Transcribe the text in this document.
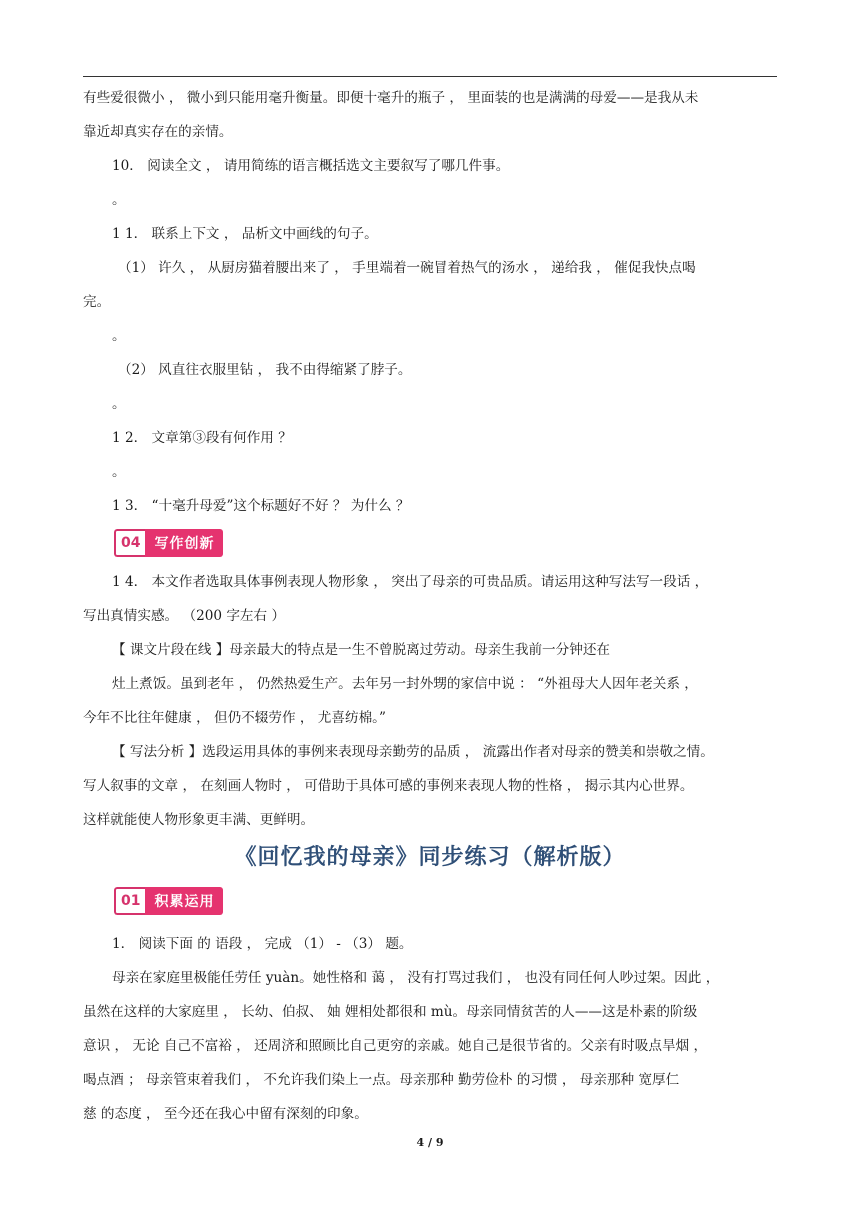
有些爱很微小 ， 微小到只能用毫升衡量。即便十毫升的瓶子 ， 里面装的也是满满的母爱——是我从未
靠近却真实存在的亲情。
10． 阅读全文 ， 请用简练的语言概括选文主要叙写了哪几件事。
。
1 1． 联系上下文 ， 品析文中画线的句子。
（1） 许久 ， 从厨房猫着腰出来了 ， 手里端着一碗冒着热气的汤水 ， 递给我 ， 催促我快点喝
完。
。
（2） 风直往衣服里钻 ， 我不由得缩紧了脖子。
。
1 2． 文章第③段有何作用 ？
。
1 3． “十毫升母爱”这个标题好不好 ？ 为什么 ？
04	写作创新
1 4． 本文作者选取具体事例表现人物形象 ， 突出了母亲的可贵品质。请运用这种写法写一段话 ，
写出真情实感。 （200 字左右 ）
【 课文片段在线 】母亲最大的特点是一生不曾脱离过劳动。母亲生我前一分钟还在
灶上煮饭。虽到老年 ， 仍然热爱生产。去年另一封外甥的家信中说 ： “外祖母大人因年老关系 ，
今年不比往年健康 ， 但仍不辍劳作 ， 尤喜纺棉。”
【 写法分析 】选段运用具体的事例来表现母亲勤劳的品质 ， 流露出作者对母亲的赞美和崇敬之情。
写人叙事的文章 ， 在刻画人物时 ， 可借助于具体可感的事例来表现人物的性格 ， 揭示其内心世界。
这样就能使人物形象更丰满、更鲜明。
《回忆我的母亲》同步练习（解析版）
01	积累运用
1． 阅读下面 的 语段 ， 完成 （1） - （3） 题。
母亲在家庭里极能任劳任 yuàn。她性格和 蔼 ， 没有打骂过我们 ， 也没有同任何人吵过架。因此 ，
虽然在这样的大家庭里 ， 长幼、伯叔、 妯 娌相处都很和 mù。母亲同情贫苦的人——这是朴素的阶级
意识 ， 无论 自己不富裕 ， 还周济和照顾比自己更穷的亲戚。她自己是很节省的。父亲有时吸点旱烟 ，
喝点酒 ； 母亲管束着我们 ， 不允许我们染上一点。母亲那种 勤劳俭朴 的习惯 ， 母亲那种 宽厚仁
慈 的态度 ， 至今还在我心中留有深刻的印象。
4 / 9
